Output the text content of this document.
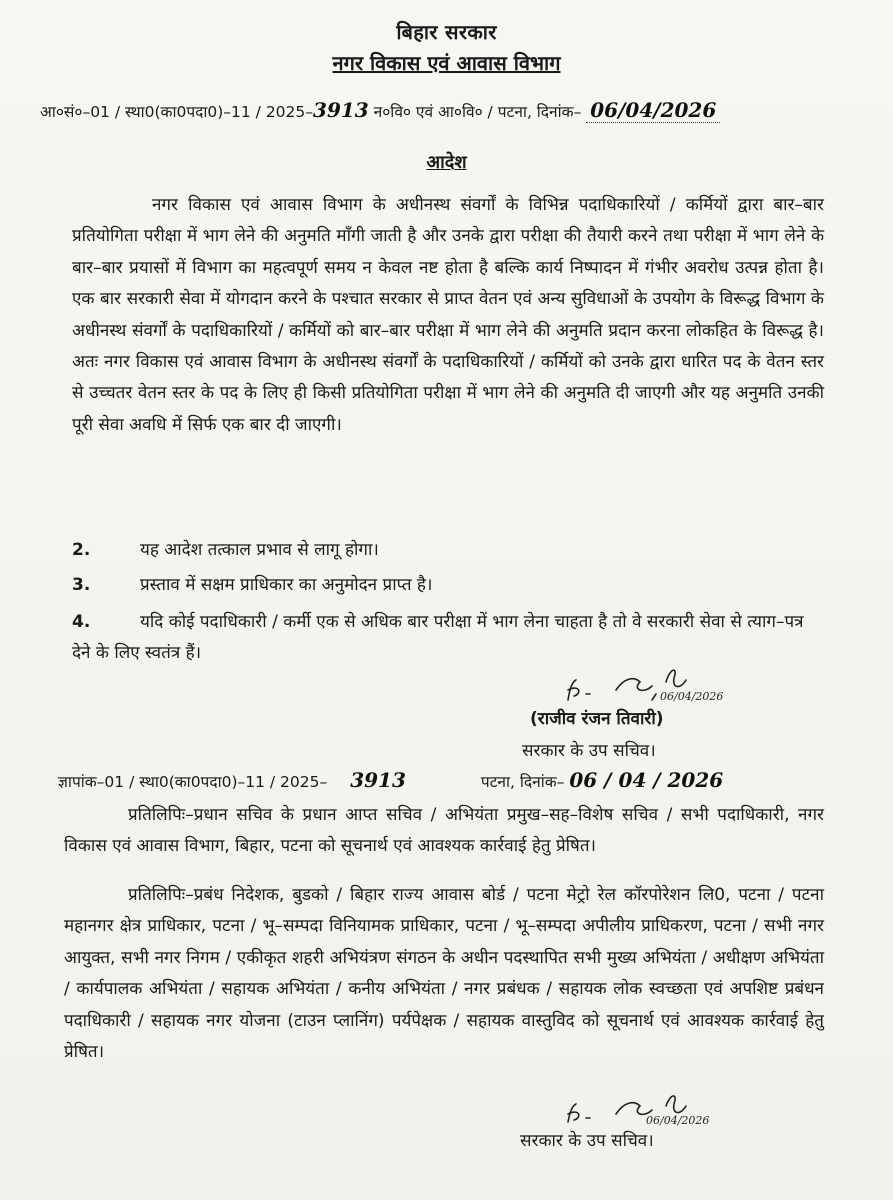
बिहार सरकार
नगर विकास एवं आवास विभाग
आ०सं०–01 / स्था0(का0पदा0)–11 / 2025–3913 न०वि० एवं आ०वि० / पटना, दिनांक– 06/04/2026
आदेश
नगर विकास एवं आवास विभाग के अधीनस्थ संवर्गों के विभिन्न पदाधिकारियों / कर्मियों द्वारा बार–बार प्रतियोगिता परीक्षा में भाग लेने की अनुमति माँगी जाती है और उनके द्वारा परीक्षा की तैयारी करने तथा परीक्षा में भाग लेने के बार–बार प्रयासों में विभाग का महत्वपूर्ण समय न केवल नष्ट होता है बल्कि कार्य निष्पादन में गंभीर अवरोध उत्पन्न होता है। एक बार सरकारी सेवा में योगदान करने के पश्चात सरकार से प्राप्त वेतन एवं अन्य सुविधाओं के उपयोग के विरूद्ध विभाग के अधीनस्थ संवर्गों के पदाधिकारियों / कर्मियों को बार–बार परीक्षा में भाग लेने की अनुमति प्रदान करना लोकहित के विरूद्ध है। अतः नगर विकास एवं आवास विभाग के अधीनस्थ संवर्गों के पदाधिकारियों / कर्मियों को उनके द्वारा धारित पद के वेतन स्तर से उच्चतर वेतन स्तर के पद के लिए ही किसी प्रतियोगिता परीक्षा में भाग लेने की अनुमति दी जाएगी और यह अनुमति उनकी पूरी सेवा अवधि में सिर्फ एक बार दी जाएगी।
2.	यह आदेश तत्काल प्रभाव से लागू होगा।
3.	प्रस्ताव में सक्षम प्राधिकार का अनुमोदन प्राप्त है।
4.	यदि कोई पदाधिकारी / कर्मी एक से अधिक बार परीक्षा में भाग लेना चाहता है तो वे सरकारी सेवा से त्याग–पत्र देने के लिए स्वतंत्र हैं।
06/04/2026
(राजीव रंजन तिवारी)
सरकार के उप सचिव।
ज्ञापांक–01 / स्था0(का0पदा0)–11 / 2025– 3913	पटना, दिनांक– 06 / 04 / 2026
प्रतिलिपिः–प्रधान सचिव के प्रधान आप्त सचिव / अभियंता प्रमुख–सह–विशेष सचिव / सभी पदाधिकारी, नगर विकास एवं आवास विभाग, बिहार, पटना को सूचनार्थ एवं आवश्यक कार्रवाई हेतु प्रेषित।
प्रतिलिपिः–प्रबंध निदेशक, बुडको / बिहार राज्य आवास बोर्ड / पटना मेट्रो रेल कॉरपोरेशन लि0, पटना / पटना महानगर क्षेत्र प्राधिकार, पटना / भू–सम्पदा विनियामक प्राधिकार, पटना / भू–सम्पदा अपीलीय प्राधिकरण, पटना / सभी नगर आयुक्त, सभी नगर निगम / एकीकृत शहरी अभियंत्रण संगठन के अधीन पदस्थापित सभी मुख्य अभियंता / अधीक्षण अभियंता / कार्यपालक अभियंता / सहायक अभियंता / कनीय अभियंता / नगर प्रबंधक / सहायक लोक स्वच्छता एवं अपशिष्ट प्रबंधन पदाधिकारी / सहायक नगर योजना (टाउन प्लानिंग) पर्यपेक्षक / सहायक वास्तुविद को सूचनार्थ एवं आवश्यक कार्रवाई हेतु प्रेषित।
06/04/2026
सरकार के उप सचिव।
